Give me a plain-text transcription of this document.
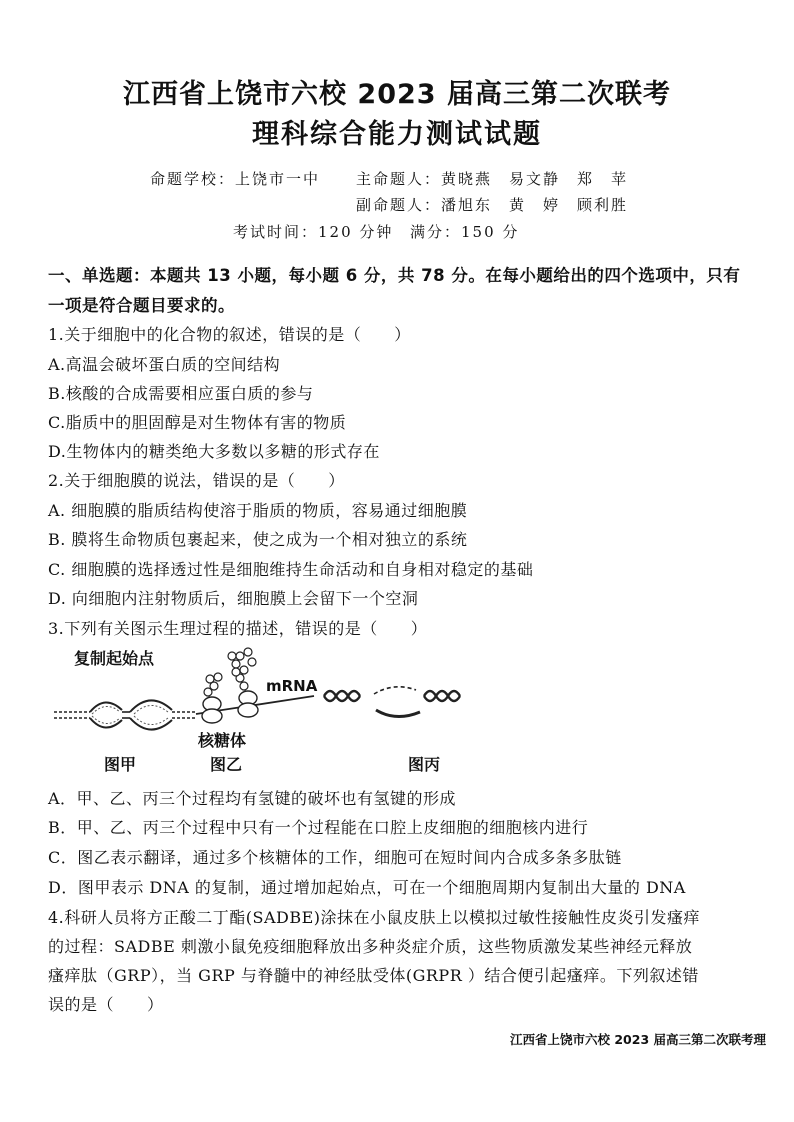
江西省上饶市六校 2023 届高三第二次联考
理科综合能力测试试题
命题学校：上饶市一中 主命题人：黄晓燕　易文静　郑　苹
副命题人：潘旭东　黄　婷　顾利胜
考试时间：120 分钟 满分：150 分
一、单选题：本题共 13 小题，每小题 6 分，共 78 分。在每小题给出的四个选项中，只有
一项是符合题目要求的。
1.关于细胞中的化合物的叙述，错误的是（　　）
A.高温会破坏蛋白质的空间结构
B.核酸的合成需要相应蛋白质的参与
C.脂质中的胆固醇是对生物体有害的物质
D.生物体内的糖类绝大多数以多糖的形式存在
2.关于细胞膜的说法，错误的是（　　）
A. 细胞膜的脂质结构使溶于脂质的物质，容易通过细胞膜
B. 膜将生命物质包裹起来，使之成为一个相对独立的系统
C. 细胞膜的选择透过性是细胞维持生命活动和自身相对稳定的基础
D. 向细胞内注射物质后，细胞膜上会留下一个空洞
3.下列有关图示生理过程的描述，错误的是（　　）
复制起始点
mRNA
核糖体
图甲	图乙	图丙
A．甲、乙、丙三个过程均有氢键的破坏也有氢键的形成
B．甲、乙、丙三个过程中只有一个过程能在口腔上皮细胞的细胞核内进行
C．图乙表示翻译，通过多个核糖体的工作，细胞可在短时间内合成多条多肽链
D．图甲表示 DNA 的复制，通过增加起始点，可在一个细胞周期内复制出大量的 DNA
4.科研人员将方正酸二丁酯(SADBE)涂抹在小鼠皮肤上以模拟过敏性接触性皮炎引发瘙痒
的过程：SADBE 刺激小鼠免疫细胞释放出多种炎症介质，这些物质激发某些神经元释放
瘙痒肽（GRP），当 GRP 与脊髓中的神经肽受体(GRPR ）结合便引起瘙痒。下列叙述错
误的是（　　）
江西省上饶市六校 2023 届高三第二次联考理
